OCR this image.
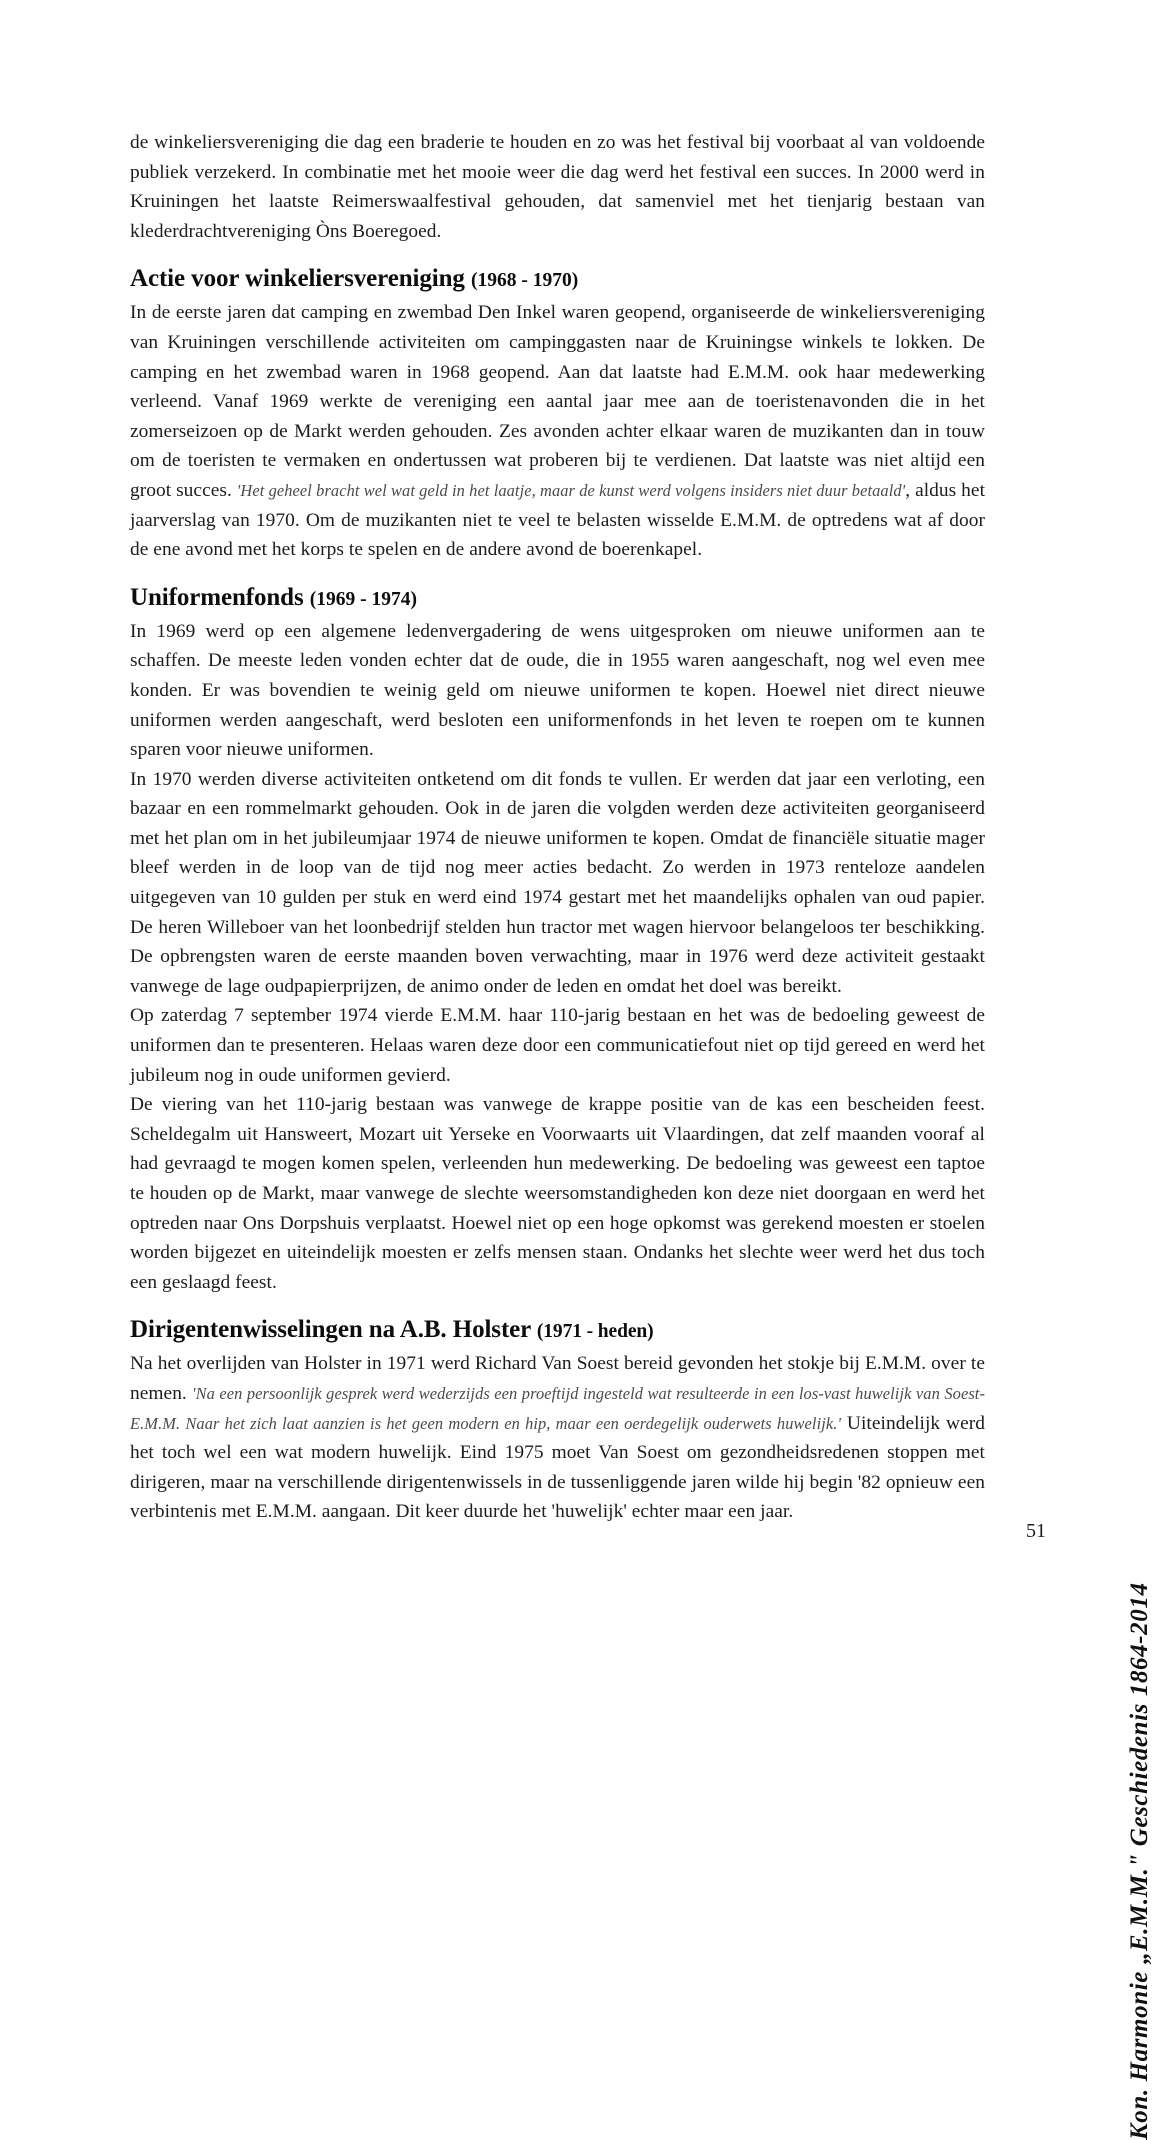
de winkeliersvereniging die dag een braderie te houden en zo was het festival bij voorbaat al van voldoende publiek verzekerd. In combinatie met het mooie weer die dag werd het festival een succes. In 2000 werd in Kruiningen het laatste Reimerswaalfestival gehouden, dat samenviel met het tienjarig bestaan van klederdrachtvereniging Òns Boeregoed.

Actie voor winkeliersvereniging (1968 - 1970)

In de eerste jaren dat camping en zwembad Den Inkel waren geopend, organiseerde de winkeliersvereniging van Kruiningen verschillende activiteiten om campinggasten naar de Kruiningse winkels te lokken. De camping en het zwembad waren in 1968 geopend. Aan dat laatste had E.M.M. ook haar medewerking verleend. Vanaf 1969 werkte de vereniging een aantal jaar mee aan de toeristenavonden die in het zomerseizoen op de Markt werden gehouden. Zes avonden achter elkaar waren de muzikanten dan in touw om de toeristen te vermaken en ondertussen wat proberen bij te verdienen. Dat laatste was niet altijd een groot succes. 'Het geheel bracht wel wat geld in het laatje, maar de kunst werd volgens insiders niet duur betaald', aldus het jaarverslag van 1970. Om de muzikanten niet te veel te belasten wisselde E.M.M. de optredens wat af door de ene avond met het korps te spelen en de andere avond de boerenkapel.

Uniformenfonds (1969 - 1974)

In 1969 werd op een algemene ledenvergadering de wens uitgesproken om nieuwe uniformen aan te schaffen. De meeste leden vonden echter dat de oude, die in 1955 waren aangeschaft, nog wel even mee konden. Er was bovendien te weinig geld om nieuwe uniformen te kopen. Hoewel niet direct nieuwe uniformen werden aangeschaft, werd besloten een uniformenfonds in het leven te roepen om te kunnen sparen voor nieuwe uniformen.

In 1970 werden diverse activiteiten ontketend om dit fonds te vullen. Er werden dat jaar een verloting, een bazaar en een rommelmarkt gehouden. Ook in de jaren die volgden werden deze activiteiten georganiseerd met het plan om in het jubileumjaar 1974 de nieuwe uniformen te kopen. Omdat de financiële situatie mager bleef werden in de loop van de tijd nog meer acties bedacht. Zo werden in 1973 renteloze aandelen uitgegeven van 10 gulden per stuk en werd eind 1974 gestart met het maandelijks ophalen van oud papier. De heren Willeboer van het loonbedrijf stelden hun tractor met wagen hiervoor belangeloos ter beschikking. De opbrengsten waren de eerste maanden boven verwachting, maar in 1976 werd deze activiteit gestaakt vanwege de lage oudpapierprijzen, de animo onder de leden en omdat het doel was bereikt.

Op zaterdag 7 september 1974 vierde E.M.M. haar 110-jarig bestaan en het was de bedoeling geweest de uniformen dan te presenteren. Helaas waren deze door een communicatiefout niet op tijd gereed en werd het jubileum nog in oude uniformen gevierd.

De viering van het 110-jarig bestaan was vanwege de krappe positie van de kas een bescheiden feest. Scheldegalm uit Hansweert, Mozart uit Yerseke en Voorwaarts uit Vlaardingen, dat zelf maanden vooraf al had gevraagd te mogen komen spelen, verleenden hun medewerking. De bedoeling was geweest een taptoe te houden op de Markt, maar vanwege de slechte weersomstandigheden kon deze niet doorgaan en werd het optreden naar Ons Dorpshuis verplaatst. Hoewel niet op een hoge opkomst was gerekend moesten er stoelen worden bijgezet en uiteindelijk moesten er zelfs mensen staan. Ondanks het slechte weer werd het dus toch een geslaagd feest.

Dirigentenwisselingen na A.B. Holster (1971 - heden)

Na het overlijden van Holster in 1971 werd Richard Van Soest bereid gevonden het stokje bij E.M.M. over te nemen. 'Na een persoonlijk gesprek werd wederzijds een proeftijd ingesteld wat resulteerde in een los-vast huwelijk van Soest-E.M.M. Naar het zich laat aanzien is het geen modern en hip, maar een oerdegelijk ouderwets huwelijk.' Uiteindelijk werd het toch wel een wat modern huwelijk. Eind 1975 moet Van Soest om gezondheidsredenen stoppen met dirigeren, maar na verschillende dirigentenwissels in de tussenliggende jaren wilde hij begin '82 opnieuw een verbintenis met E.M.M. aangaan. Dit keer duurde het 'huwelijk' echter maar een jaar.

Kon. Harmonie „E.M.M." Geschiedenis 1864-2014
51
